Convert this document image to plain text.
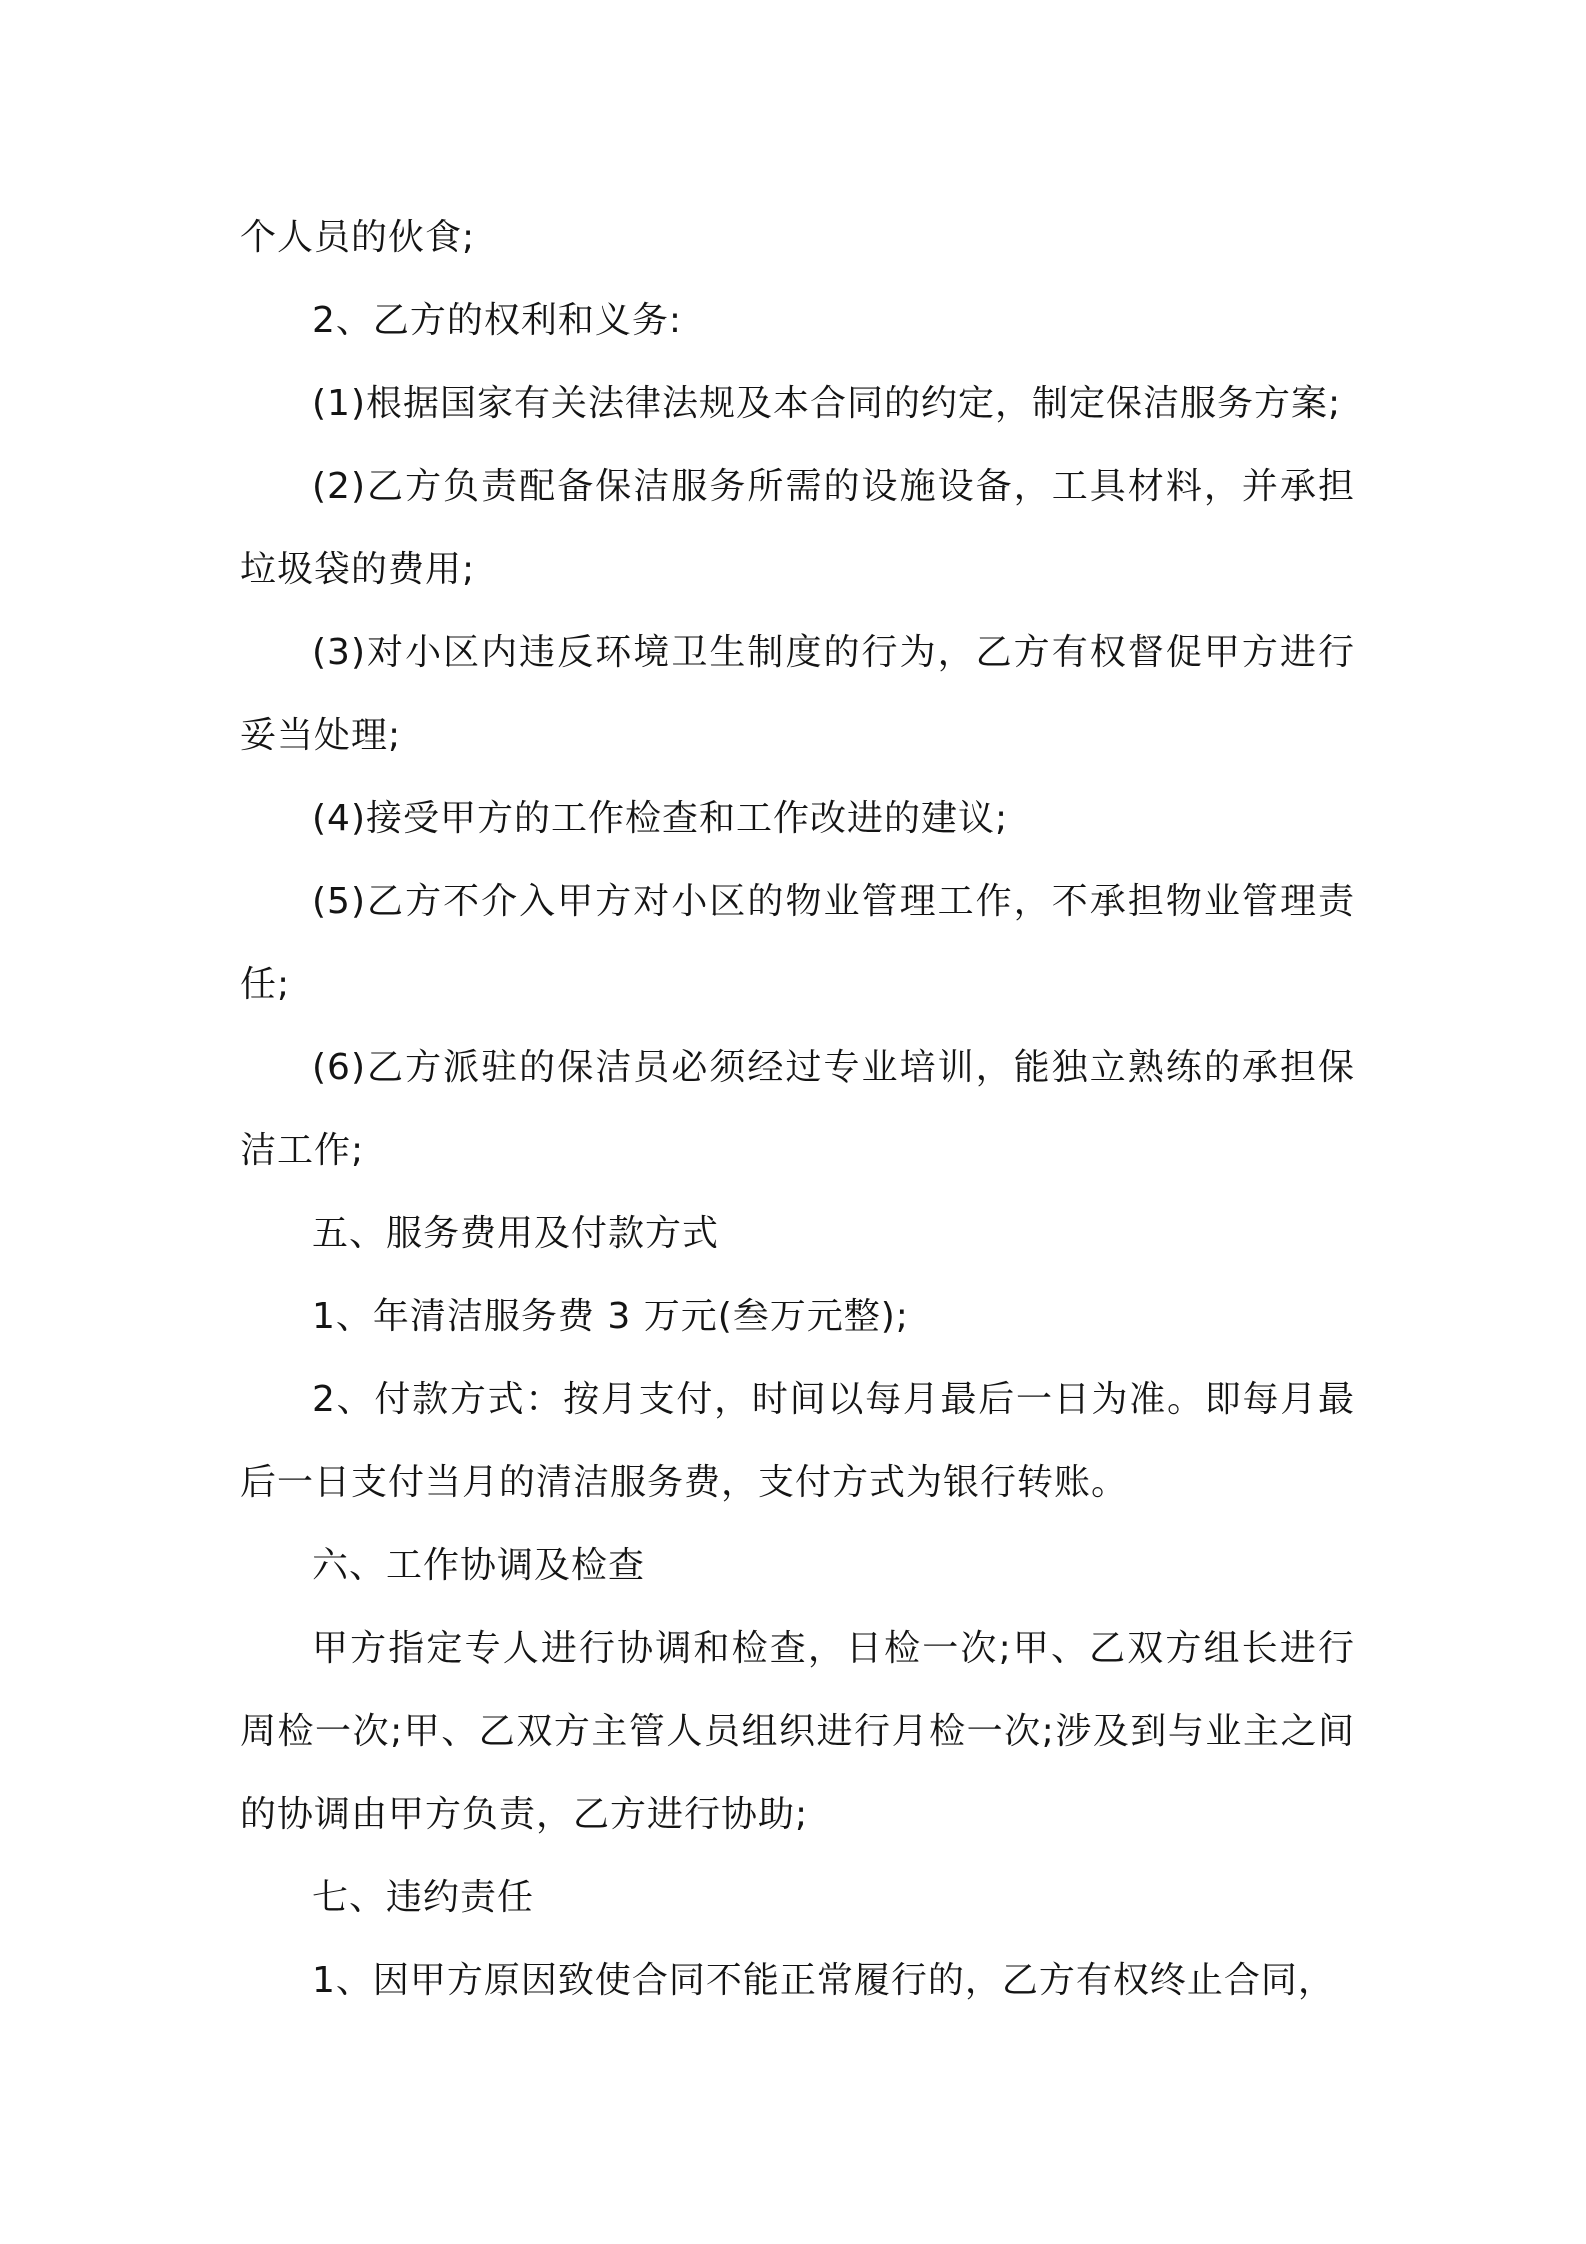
个人员的伙食;

2、乙方的权利和义务:

(1)根据国家有关法律法规及本合同的约定，制定保洁服务方案;

(2)乙方负责配备保洁服务所需的设施设备，工具材料，并承担垃圾袋的费用;

(3)对小区内违反环境卫生制度的行为，乙方有权督促甲方进行妥当处理;

(4)接受甲方的工作检查和工作改进的建议;

(5)乙方不介入甲方对小区的物业管理工作，不承担物业管理责任;

(6)乙方派驻的保洁员必须经过专业培训，能独立熟练的承担保洁工作;

五、服务费用及付款方式

1、年清洁服务费 3 万元(叁万元整);

2、付款方式：按月支付，时间以每月最后一日为准。即每月最后一日支付当月的清洁服务费，支付方式为银行转账。

六、工作协调及检查

甲方指定专人进行协调和检查，日检一次;甲、乙双方组长进行周检一次;甲、乙双方主管人员组织进行月检一次;涉及到与业主之间的协调由甲方负责，乙方进行协助;

七、违约责任

1、因甲方原因致使合同不能正常履行的，乙方有权终止合同，
